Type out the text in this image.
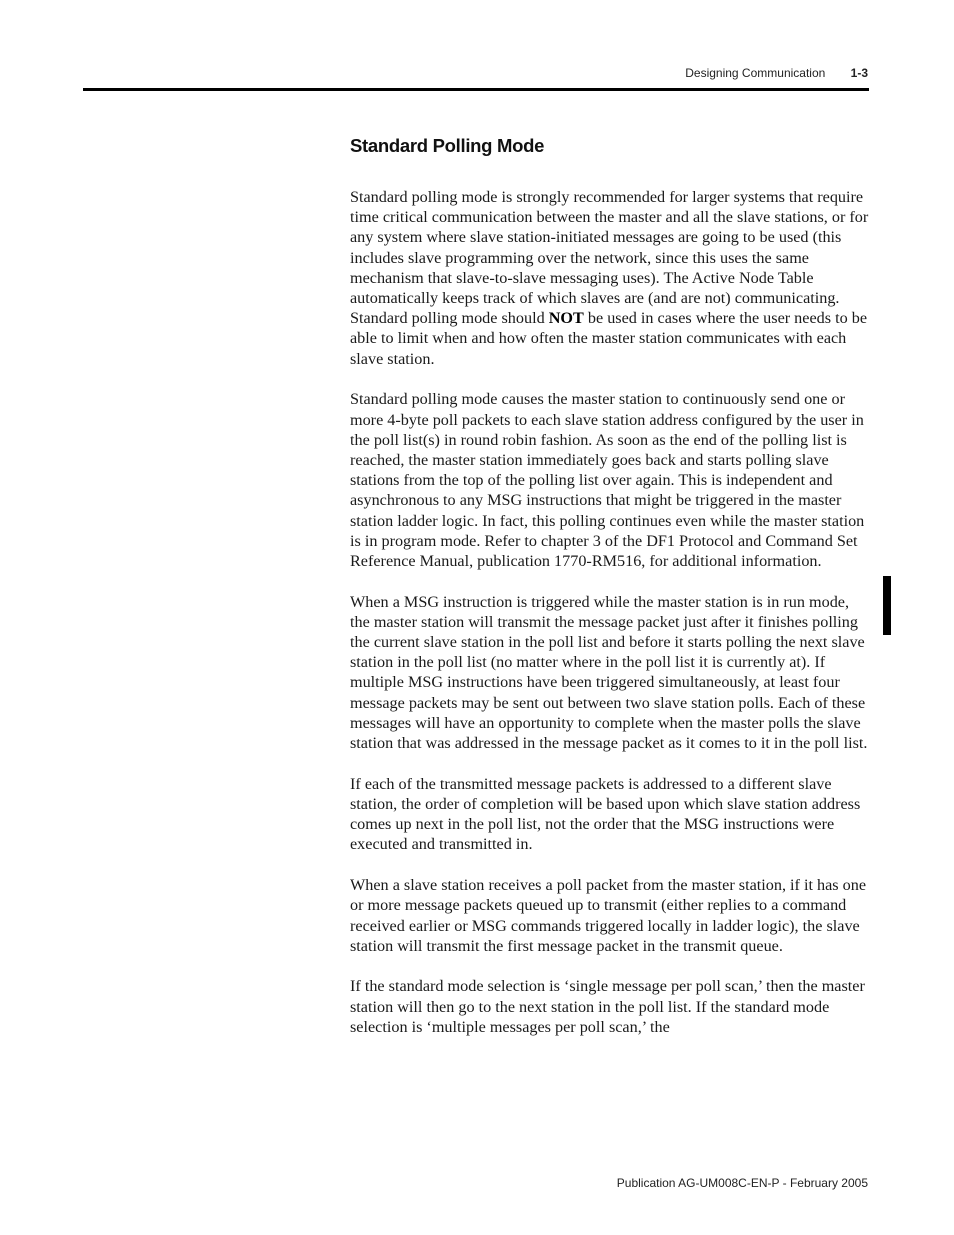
Designing Communication 1-3
Standard Polling Mode

Standard polling mode is strongly recommended for larger systems that require time critical communication between the master and all the slave stations, or for any system where slave station-initiated messages are going to be used (this includes slave programming over the network, since this uses the same mechanism that slave-to-slave messaging uses). The Active Node Table automatically keeps track of which slaves are (and are not) communicating. Standard polling mode should NOT be used in cases where the user needs to be able to limit when and how often the master station communicates with each slave station.

Standard polling mode causes the master station to continuously send one or more 4-byte poll packets to each slave station address configured by the user in the poll list(s) in round robin fashion. As soon as the end of the polling list is reached, the master station immediately goes back and starts polling slave stations from the top of the polling list over again. This is independent and asynchronous to any MSG instructions that might be triggered in the master station ladder logic. In fact, this polling continues even while the master station is in program mode. Refer to chapter 3 of the DF1 Protocol and Command Set Reference Manual, publication 1770-RM516, for additional information.

When a MSG instruction is triggered while the master station is in run mode, the master station will transmit the message packet just after it finishes polling the current slave station in the poll list and before it starts polling the next slave station in the poll list (no matter where in the poll list it is currently at). If multiple MSG instructions have been triggered simultaneously, at least four message packets may be sent out between two slave station polls. Each of these messages will have an opportunity to complete when the master polls the slave station that was addressed in the message packet as it comes to it in the poll list.

If each of the transmitted message packets is addressed to a different slave station, the order of completion will be based upon which slave station address comes up next in the poll list, not the order that the MSG instructions were executed and transmitted in.

When a slave station receives a poll packet from the master station, if it has one or more message packets queued up to transmit (either replies to a command received earlier or MSG commands triggered locally in ladder logic), the slave station will transmit the first message packet in the transmit queue.

If the standard mode selection is ‘single message per poll scan,’ then the master station will then go to the next station in the poll list. If the standard mode selection is ‘multiple messages per poll scan,’ the

Publication AG-UM008C-EN-P - February 2005
